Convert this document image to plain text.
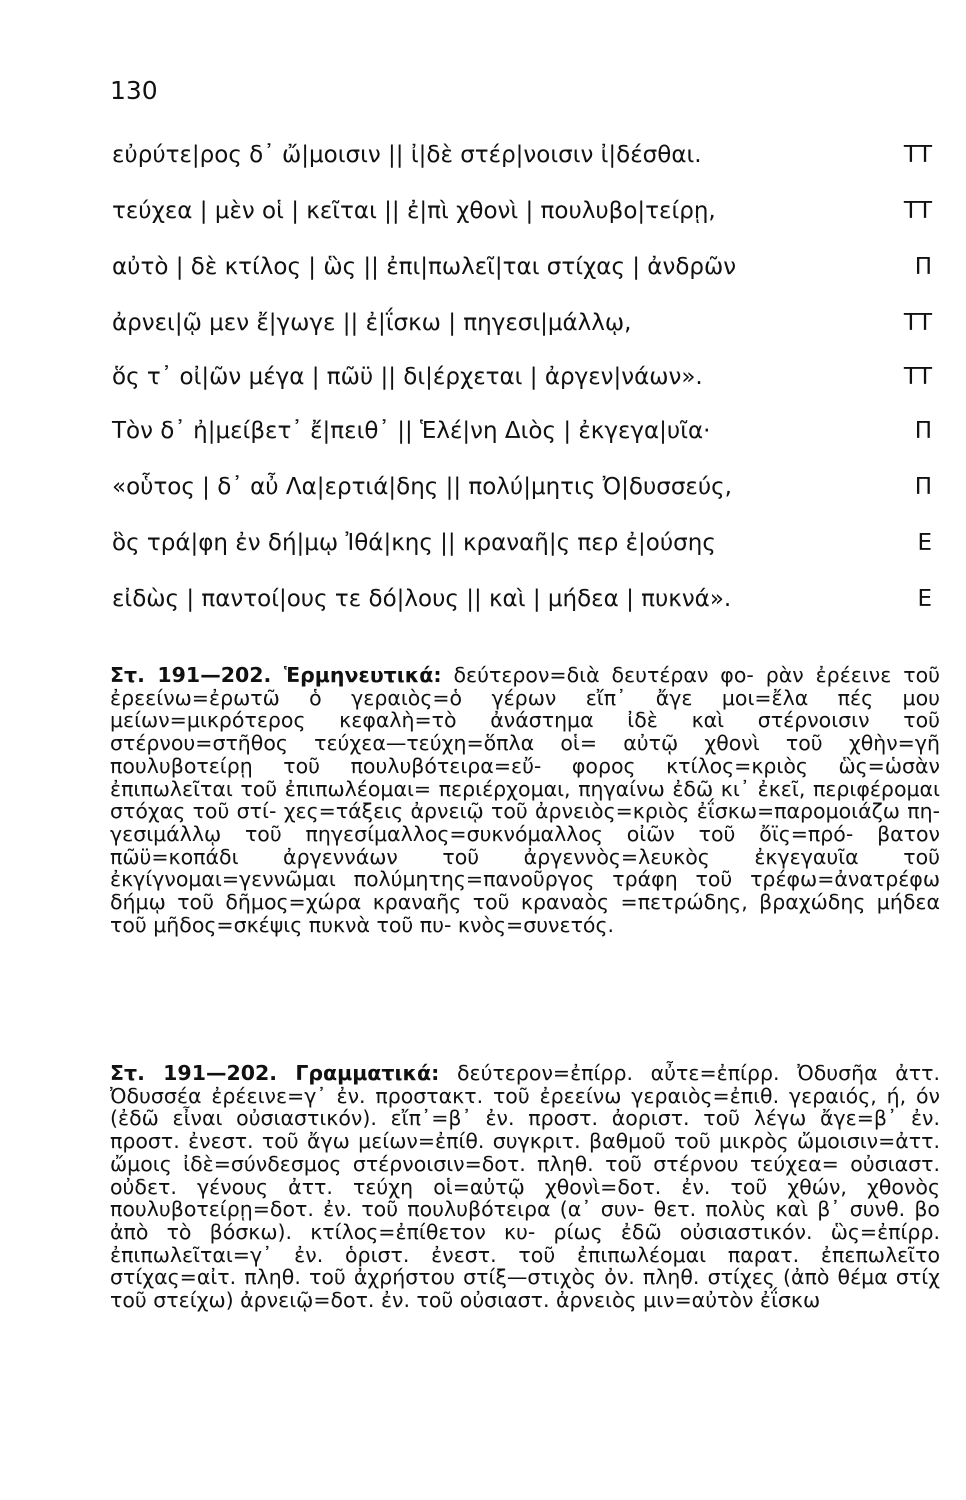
130
εὐρύτε|ρος δ᾽ ὤ|μοισιν || ἰ|δὲ στέρ|νοισιν ἰ|δέσθαι.	ΤΤ
τεύχεα | μὲν οἱ | κεῖται || ἐ|πὶ χθονὶ | πουλυβο|τείρῃ,	ΤΤ
αὐτὸ | δὲ κτίλος | ὣς || ἐπι|πωλεῖ|ται στίχας | ἀνδρῶν	Π
ἀρνει|ῷ μεν ἔ|γωγε || ἐ|ΐσκω | πηγεσι|μάλλῳ,	ΤΤ
ὅς τ᾽ οἰ|ῶν μέγα | πῶϋ || δι|έρχεται | ἀργεν|νάων».	ΤΤ
Τὸν δ᾽ ἠ|μείβετ᾽ ἔ|πειθ᾽ || Ἑλέ|νη Διὸς | ἐκγεγα|υῖα·	Π
«οὗτος | δ᾽ αὖ Λα|ερτιά|δης || πολύ|μητις Ὀ|δυσσεύς,	Π
ὃς τρά|φη ἐν δή|μῳ Ἰθά|κης || κραναῆ|ς περ ἐ|ούσης	Ε
εἰδὼς | παντοί|ους τε δό|λους || καὶ | μήδεα | πυκνά».	Ε
Στ. 191—202. Ἑρμηνευτικά: δεύτερον=διὰ δευτέραν φο- ρὰν ἐρέεινε τοῦ ἐρεείνω=ἐρωτῶ ὁ γεραιὸς=ὁ γέρων εἴπ᾽ ἄγε μοι=ἔλα πές μου μείων=μικρότερος κεφαλὴ=τὸ ἀνάστημα ἰδὲ καὶ στέρνοισιν τοῦ στέρνου=στῆθος τεύχεα—τεύχη=ὅπλα οἱ= αὐτῷ χθονὶ τοῦ χθὴν=γῆ πουλυβοτείρῃ τοῦ πουλυβότειρα=εὔ- φορος κτίλος=κριὸς ὣς=ὡσὰν ἐπιπωλεῖται τοῦ ἐπιπωλέομαι= περιέρχομαι, πηγαίνω ἐδῶ κι᾽ ἐκεῖ, περιφέρομαι στόχας τοῦ στί- χες=τάξεις ἀρνειῷ τοῦ ἀρνειὸς=κριὸς ἐΐσκω=παρομοιάζω πη- γεσιμάλλῳ τοῦ πηγεσίμαλλος=συκνόμαλλος οἰῶν τοῦ ὄϊς=πρό- βατον πῶϋ=κοπάδι ἀργεννάων τοῦ ἀργεννὸς=λευκὸς ἐκγεγαυῖα τοῦ ἐκγίγνομαι=γεννῶμαι πολύμητης=πανοῦργος τράφη τοῦ τρέφω=ἀνατρέφω δήμῳ τοῦ δῆμος=χώρα κραναῆς τοῦ κραναὸς =πετρώδης, βραχώδης μήδεα τοῦ μῆδος=σκέψις πυκνὰ τοῦ πυ- κνὸς=συνετός.
Στ. 191—202. Γραμματικά: δεύτερον=ἐπίρρ. αὖτε=ἐπίρρ. Ὀδυσῆα ἀττ. Ὀδυσσέα ἐρέεινε=γ᾽ ἐν. προστακτ. τοῦ ἐρεείνω γεραιὸς=ἐπιθ. γεραιός, ή, όν (ἐδῶ εἶναι οὐσιαστικόν). εἴπ᾽=β᾽ ἐν. προστ. ἀοριστ. τοῦ λέγω ἄγε=β᾽ ἐν. προστ. ἐνεστ. τοῦ ἄγω μείων=ἐπίθ. συγκριτ. βαθμοῦ τοῦ μικρὸς ὤμοισιν=ἀττ. ὤμοις ἰδὲ=σύνδεσμος στέρνοισιν=δοτ. πληθ. τοῦ στέρνου τεύχεα= οὐσιαστ. οὐδετ. γένους ἀττ. τεύχη οἱ=αὐτῷ χθονὶ=δοτ. ἐν. τοῦ χθών, χθονὸς πουλυβοτείρῃ=δοτ. ἐν. τοῦ πουλυβότειρα (α᾽ συν- θετ. πολὺς καὶ β᾽ συνθ. βο ἀπὸ τὸ βόσκω). κτίλος=ἐπίθετον κυ- ρίως ἐδῶ οὐσιαστικόν. ὣς=ἐπίρρ. ἐπιπωλεῖται=γ᾽ ἐν. ὁριστ. ἐνεστ. τοῦ ἐπιπωλέομαι παρατ. ἐπεπωλεῖτο στίχας=αἰτ. πληθ. τοῦ ἀχρήστου στίξ—στιχὸς ὀν. πληθ. στίχες (ἀπὸ θέμα στίχ τοῦ στείχω) ἀρνειῷ=δοτ. ἐν. τοῦ οὐσιαστ. ἀρνειὸς μιν=αὐτὸν ἐΐσκω
